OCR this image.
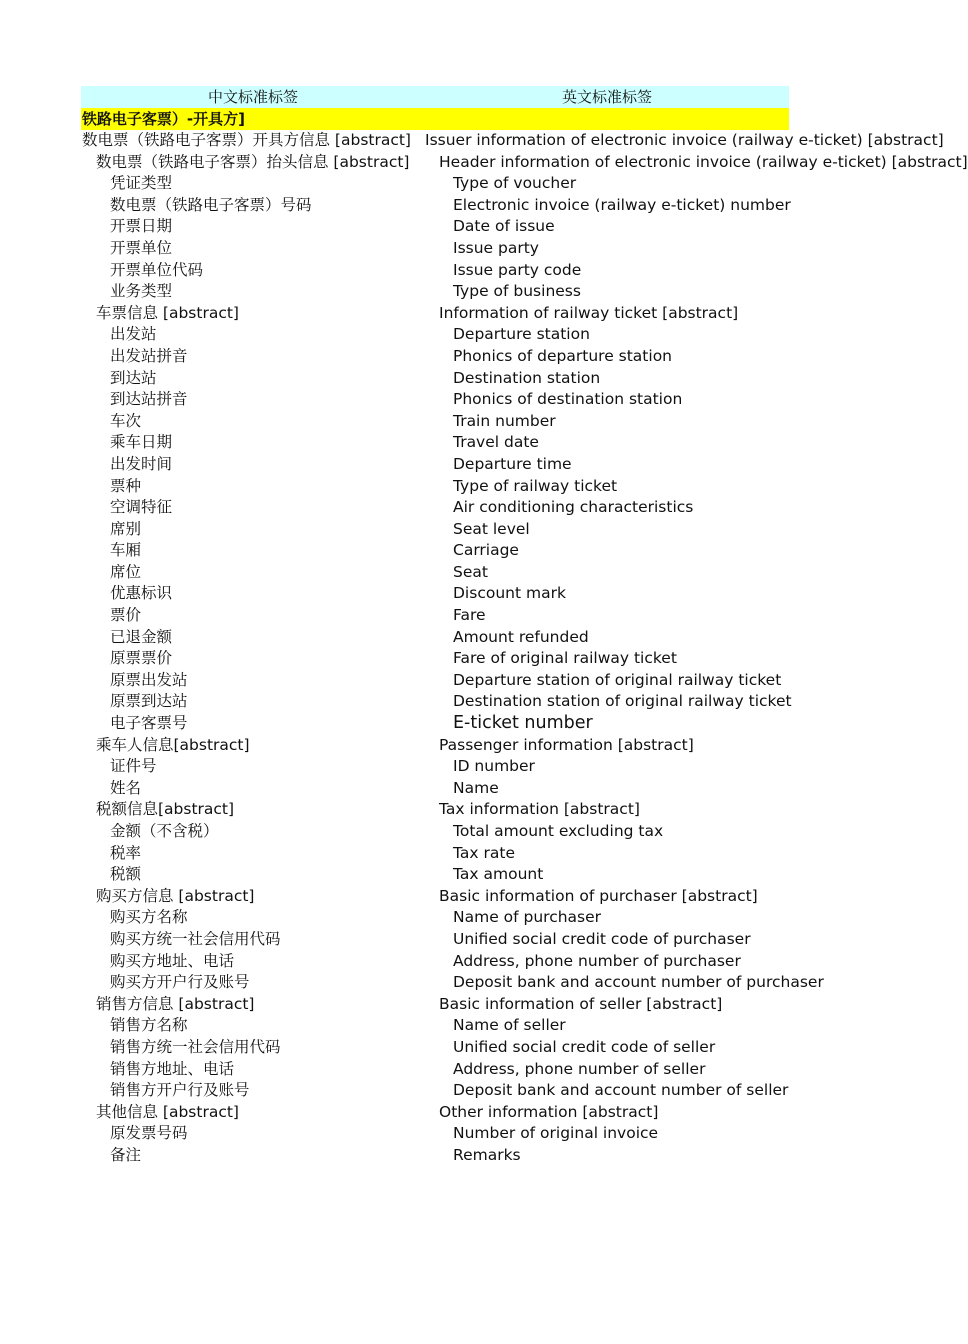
中文标准标签	英文标准标签
铁路电子客票）-开具方]
数电票（铁路电子客票）开具方信息 [abstract] Issuer information of electronic invoice (railway e-ticket) [abstract]
数电票（铁路电子客票）抬头信息 [abstract]	Header information of electronic invoice (railway e-ticket) [abstract]
凭证类型	Type of voucher
数电票（铁路电子客票）号码	Electronic invoice (railway e-ticket) number
开票日期	Date of issue
开票单位	Issue party
开票单位代码	Issue party code
业务类型	Type of business
车票信息 [abstract]	Information of railway ticket [abstract]
出发站	Departure station
出发站拼音	Phonics of departure station
到达站	Destination station
到达站拼音	Phonics of destination station
车次	Train number
乘车日期	Travel date
出发时间	Departure time
票种	Type of railway ticket
空调特征	Air conditioning characteristics
席别	Seat level
车厢	Carriage
席位	Seat
优惠标识	Discount mark
票价	Fare
已退金额	Amount refunded
原票票价	Fare of original railway ticket
原票出发站	Departure station of original railway ticket
原票到达站	Destination station of original railway ticket
电子客票号	E-ticket number
乘车人信息[abstract]	Passenger information [abstract]
证件号	ID number
姓名	Name
税额信息[abstract]	Tax information [abstract]
金额（不含税）	Total amount excluding tax
税率	Tax rate
税额	Tax amount
购买方信息 [abstract]	Basic information of purchaser [abstract]
购买方名称	Name of purchaser
购买方统一社会信用代码	Unified social credit code of purchaser
购买方地址、电话	Address, phone number of purchaser
购买方开户行及账号	Deposit bank and account number of purchaser
销售方信息 [abstract]	Basic information of seller [abstract]
销售方名称	Name of seller
销售方统一社会信用代码	Unified social credit code of seller
销售方地址、电话	Address, phone number of seller
销售方开户行及账号	Deposit bank and account number of seller
其他信息 [abstract]	Other information [abstract]
原发票号码	Number of original invoice
备注	Remarks
